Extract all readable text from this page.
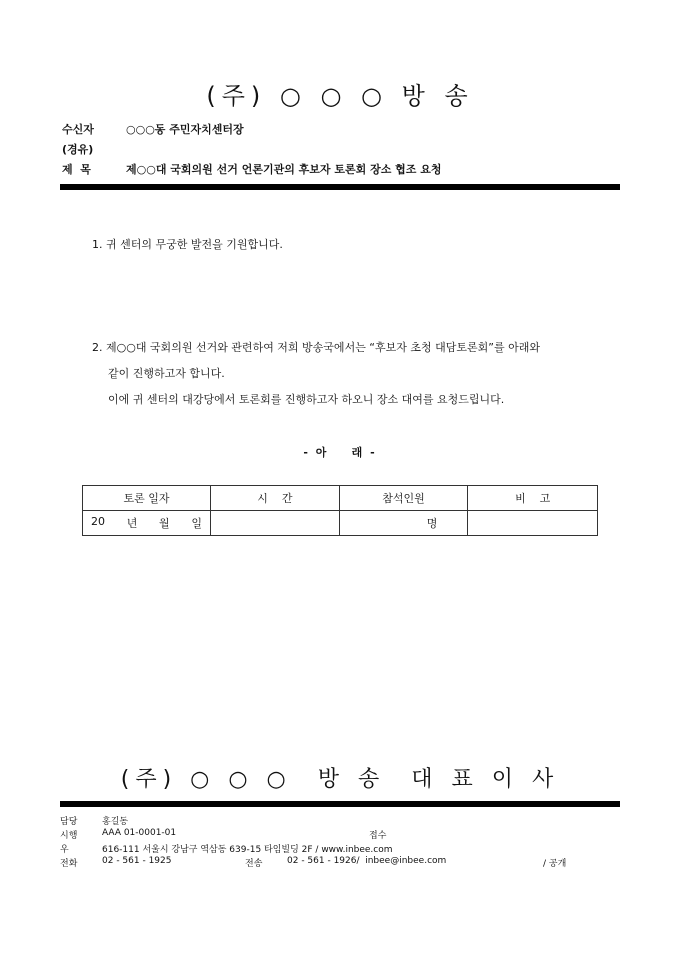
(주) ○ ○ ○ 방 송
수신자	○○○동 주민자치센터장
(경유)
제  목	제○○대 국회의원 선거 언론기관의 후보자 토론회 장소 협조 요청
1. 귀 센터의 무궁한 발전을 기원합니다.
2. 제○○대 국회의원 선거와 관련하여 저희 방송국에서는 “후보자 초청 대담토론회”를 아래와
같이 진행하고자 합니다.
이에 귀 센터의 대강당에서 토론회를 진행하고자 하오니 장소 대여를 요청드립니다.
- 아    래 -
토론 일자	시    간	참석인원	비    고

20 년 월 일		명	
(주) ○ ○ ○  방 송  대 표 이 사
담당	홍길동
시행	AAA 01-0001-01	접수
우	616-111 서울시 강남구 역삼동 639-15 타임빌딩 2F / www.inbee.com
전화	02 - 561 - 1925	전송	02 - 561 - 1926/  inbee@inbee.com	/ 공개
